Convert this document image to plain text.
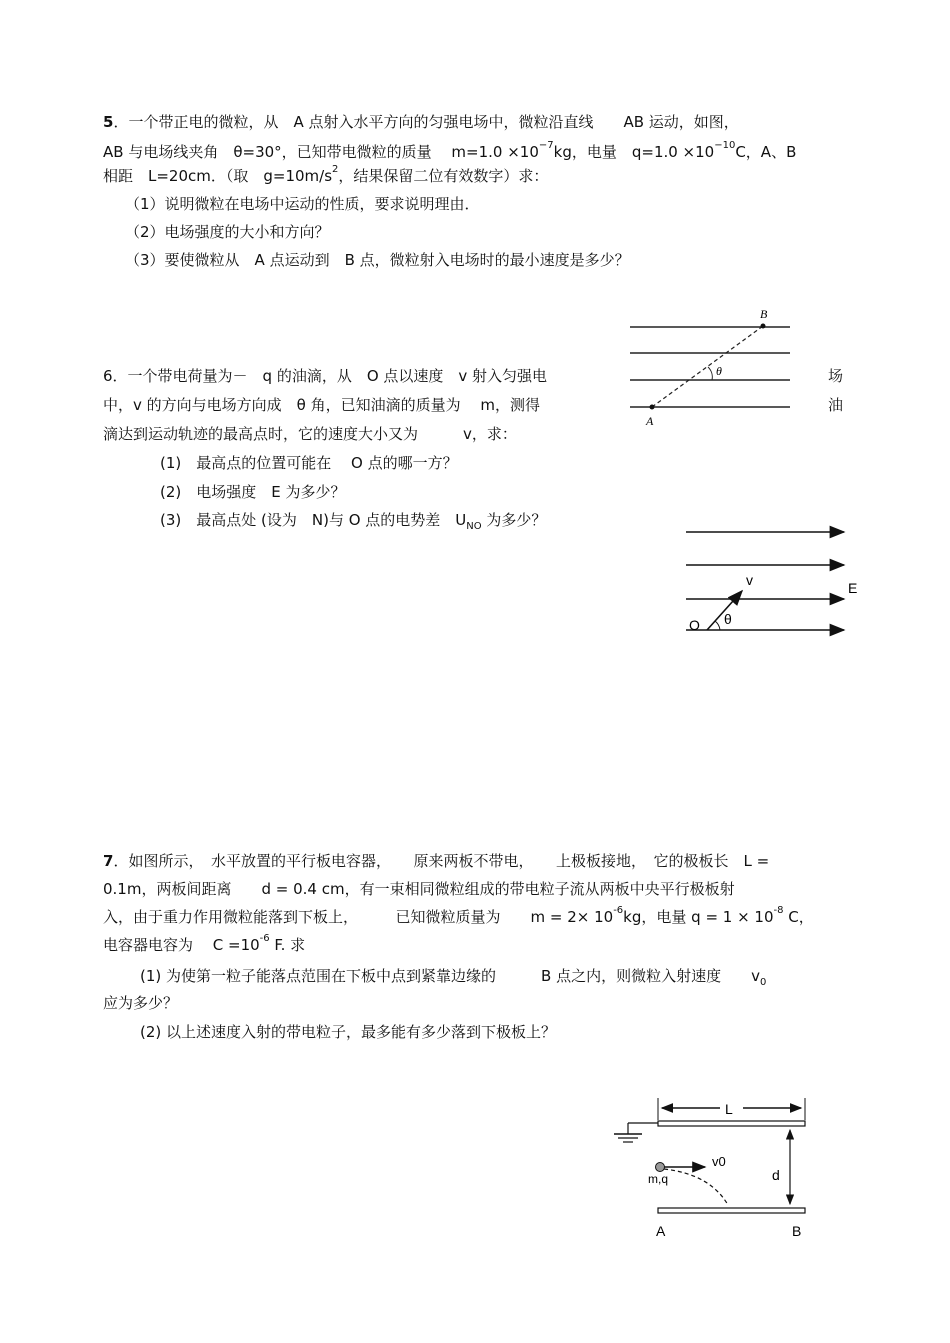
5．一个带正电的微粒，从　A 点射入水平方向的匀强电场中，微粒沿直线　　AB 运动，如图，
AB 与电场线夹角　θ=30°，已知带电微粒的质量　 $m=1.0 \times 10^{-7}kg$，电量　$q=1.0 \times 10^{-10}C$，A、B
相距　L=20cm．（取　$g=10m/s^2$，结果保留二位有效数字）求：
（1）说明微粒在电场中运动的性质，要求说明理由．
（2）电场强度的大小和方向？
（3）要使微粒从　A 点运动到　B 点，微粒射入电场时的最小速度是多少？
A
B
θ
6．一个带电荷量为－　q 的油滴，从　O 点以速度　v 射入匀强电	场
中，v 的方向与电场方向成　θ 角，已知油滴的质量为　 m，测得	油
滴达到运动轨迹的最高点时，它的速度大小又为　　　v，求：
(1)　最高点的位置可能在　 O 点的哪一方？
(2)　电场强度　E 为多少？
(3)　最高点处 (设为　N)与 O 点的电势差　$U_{NO}$ 为多少？
v	E
O θ
7．如图所示，　水平放置的平行板电容器，　　原来两板不带电，　　上极板接地，　它的极板长　L =
0.1m，两板间距离　　d = 0.4 cm，有一束相同微粒组成的带电粒子流从两板中央平行极板射
入，由于重力作用微粒能落到下板上，　　　已知微粒质量为　　$m = 2\times 10^{-6}kg$，电量 $q = 1 \times 10^{-8}$ C，
电容器电容为　 $C =10^{-6}$ F. 求
(1) 为使第一粒子能落点范围在下板中点到紧靠边缘的　　　B 点之内，则微粒入射速度　　$v_0$
应为多少？
(2) 以上述速度入射的带电粒子，最多能有多少落到下极板上？
L
v0
m,q	d
A	B
